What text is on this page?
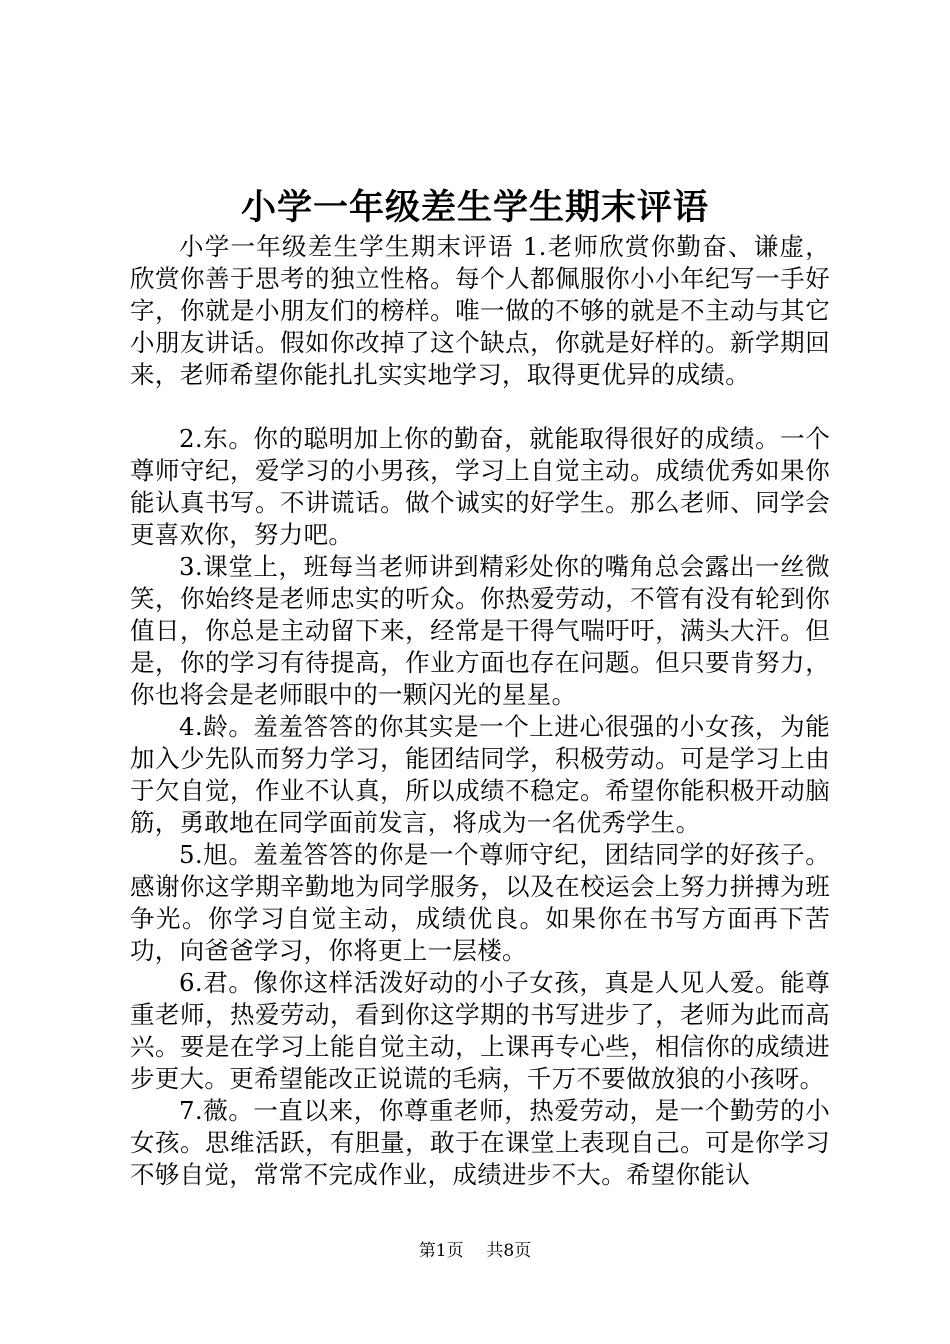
小学一年级差生学生期末评语

小学一年级差生学生期末评语 1.老师欣赏你勤奋、谦虚，欣赏你善于思考的独立性格。每个人都佩服你小小年纪写一手好字，你就是小朋友们的榜样。唯一做的不够的就是不主动与其它小朋友讲话。假如你改掉了这个缺点，你就是好样的。新学期回来，老师希望你能扎扎实实地学习，取得更优异的成绩。

2.东。你的聪明加上你的勤奋，就能取得很好的成绩。一个尊师守纪，爱学习的小男孩，学习上自觉主动。成绩优秀如果你能认真书写。不讲谎话。做个诚实的好学生。那么老师、同学会更喜欢你，努力吧。

3.课堂上，班每当老师讲到精彩处你的嘴角总会露出一丝微笑，你始终是老师忠实的听众。你热爱劳动，不管有没有轮到你值日，你总是主动留下来，经常是干得气喘吁吁，满头大汗。但是，你的学习有待提高，作业方面也存在问题。但只要肯努力，你也将会是老师眼中的一颗闪光的星星。

4.龄。羞羞答答的你其实是一个上进心很强的小女孩，为能加入少先队而努力学习，能团结同学，积极劳动。可是学习上由于欠自觉，作业不认真，所以成绩不稳定。希望你能积极开动脑筋，勇敢地在同学面前发言，将成为一名优秀学生。

5.旭。羞羞答答的你是一个尊师守纪，团结同学的好孩子。感谢你这学期辛勤地为同学服务，以及在校运会上努力拼搏为班争光。你学习自觉主动，成绩优良。如果你在书写方面再下苦功，向爸爸学习，你将更上一层楼。

6.君。像你这样活泼好动的小子女孩，真是人见人爱。能尊重老师，热爱劳动，看到你这学期的书写进步了，老师为此而高兴。要是在学习上能自觉主动，上课再专心些，相信你的成绩进步更大。更希望能改正说谎的毛病，千万不要做放狼的小孩呀。

7.薇。一直以来，你尊重老师，热爱劳动，是一个勤劳的小女孩。思维活跃，有胆量，敢于在课堂上表现自己。可是你学习不够自觉，常常不完成作业，成绩进步不大。希望你能认

第1页 共8页
